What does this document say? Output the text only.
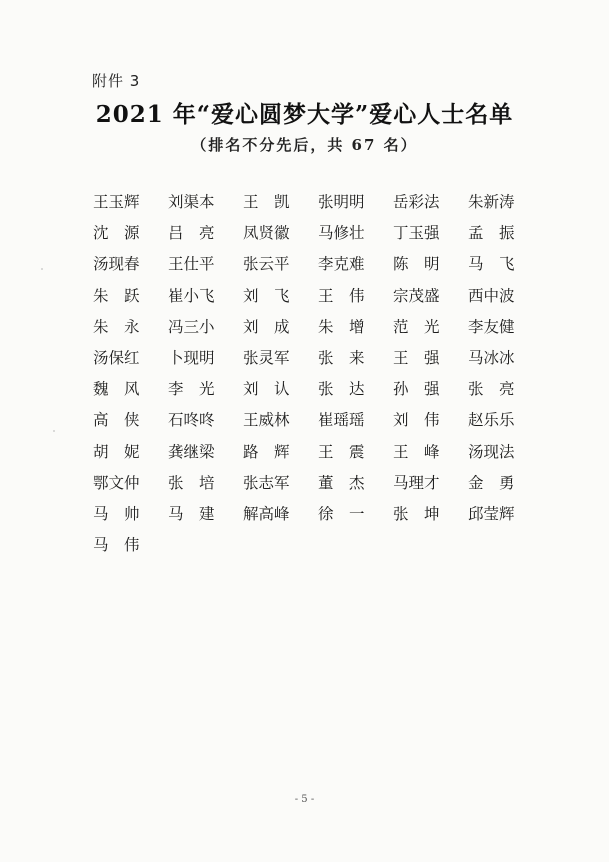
附件 3
2021 年“爱心圆梦大学”爱心人士名单
（排名不分先后，共 67 名）
王玉辉	刘渠本	王　凯	张明明	岳彩法	朱新涛
沈　源	吕　亮	凤贤徽	马修壮	丁玉强	孟　振
汤现春	王仕平	张云平	李克难	陈　明	马　飞
朱　跃	崔小飞	刘　飞	王　伟	宗茂盛	西中波
朱　永	冯三小	刘　成	朱　增	范　光	李友健
汤保红	卜现明	张灵军	张　来	王　强	马冰冰
魏　风	李　光	刘　认	张　达	孙　强	张　亮
高　侠	石咚咚	王威林	崔瑶瑶	刘　伟	赵乐乐
胡　妮	龚继梁	路　辉	王　震	王　峰	汤现法
鄂文仲	张　培	张志军	董　杰	马理才	金　勇
马　帅	马　建	解高峰	徐　一	张　坤	邱莹辉
马　伟
- 5 -
